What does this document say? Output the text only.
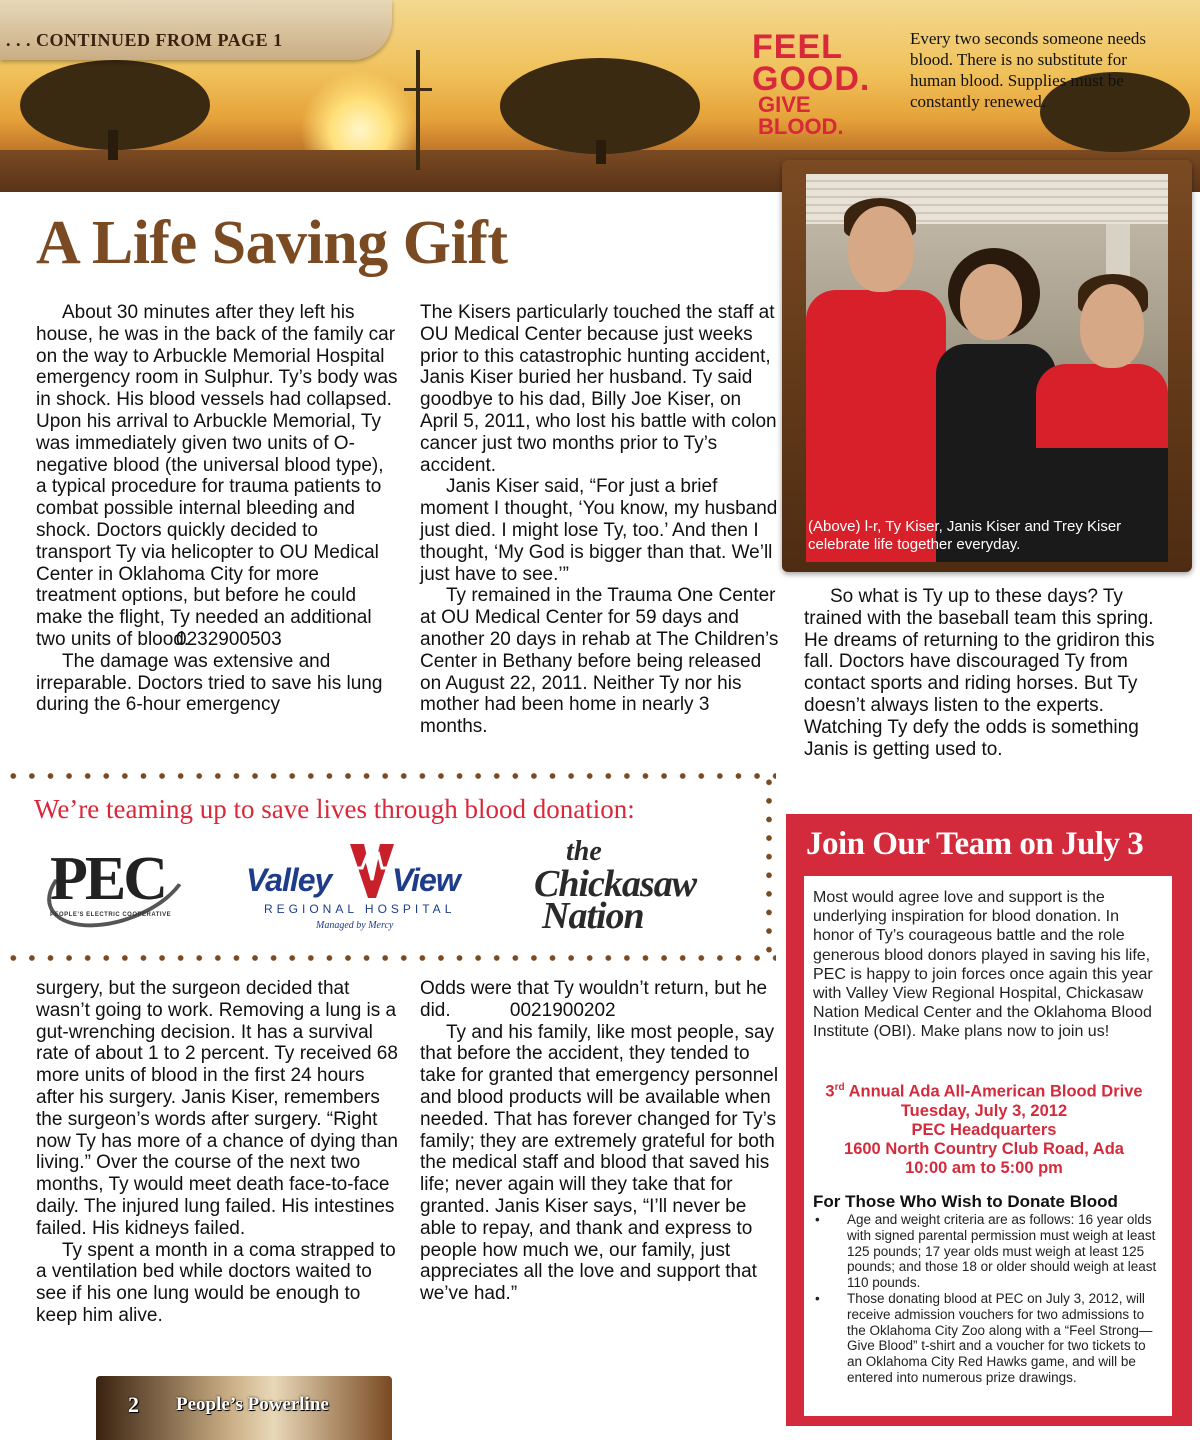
. . . CONTINUED FROM PAGE 1	FEEL
GOOD.
GIVE BLOOD.
Every two seconds someone needs blood. There is no substitute for human blood. Supplies must be constantly renewed.
A Life Saving Gift

About 30 minutes after they left his house, he was in the back of the family car on the way to Arbuckle Memorial Hospital emergency room in Sulphur. Ty’s body was in shock. His blood vessels had collapsed. Upon his arrival to Arbuckle Memorial, Ty was immediately given two units of O-negative blood (the universal blood type), a typical procedure for trauma patients to combat possible internal bleeding and shock. Doctors quickly decided to transport Ty via helicopter to OU Medical Center in Oklahoma City for more treatment options, but before he could make the flight, Ty needed an additional two units of blood.

0232900503

The damage was extensive and irreparable. Doctors tried to save his lung during the 6-hour emergency

The Kisers particularly touched the staff at OU Medical Center because just weeks prior to this catastrophic hunting accident, Janis Kiser buried her husband. Ty said goodbye to his dad, Billy Joe Kiser, on April 5, 2011, who lost his battle with colon cancer just two months prior to Ty’s accident.

Janis Kiser said, “For just a brief moment I thought, ‘You know, my husband just died. I might lose Ty, too.’ And then I thought, ‘My God is bigger than that. We’ll just have to see.’”

Ty remained in the Trauma One Center at OU Medical Center for 59 days and another 20 days in rehab at The Children’s Center in Bethany before being released on August 22, 2011. Neither Ty nor his mother had been home in nearly 3 months.

(Above) l-r, Ty Kiser, Janis Kiser and Trey Kiser celebrate life together everyday.

So what is Ty up to these days? Ty trained with the baseball team this spring. He dreams of returning to the gridiron this fall. Doctors have discouraged Ty from contact sports and riding horses. But Ty doesn’t always listen to the experts. Watching Ty defy the odds is something Janis is getting used to.

We’re teaming up to save lives through blood donation:
PEC
PEOPLE’S ELECTRIC COOPERATIVE
Valley View
REGIONAL HOSPITAL
Managed by Mercy
the
Chickasaw
Nation

surgery, but the surgeon decided that wasn’t going to work. Removing a lung is a gut-wrenching decision. It has a survival rate of about 1 to 2 percent. Ty received 68 more units of blood in the first 24 hours after his surgery. Janis Kiser, remembers the surgeon’s words after surgery. “Right now Ty has more of a chance of dying than living.” Over the course of the next two months, Ty would meet death face-to-face daily. The injured lung failed. His intestines failed. His kidneys failed.

Ty spent a month in a coma strapped to a ventilation bed while doctors waited to see if his one lung would be enough to keep him alive.

Odds were that Ty wouldn’t return, but he did.	0021900202

Ty and his family, like most people, say that before the accident, they tended to take for granted that emergency personnel and blood products will be available when needed. That has forever changed for Ty’s family; they are extremely grateful for both the medical staff and blood that saved his life; never again will they take that for granted. Janis Kiser says, “I’ll never be able to repay, and thank and express to people how much we, our family, just appreciates all the love and support that we’ve had.”

Join Our Team on July 3
Most would agree love and support is the underlying inspiration for blood donation. In honor of Ty’s courageous battle and the role generous blood donors played in saving his life, PEC is happy to join forces once again this year with Valley View Regional Hospital, Chickasaw Nation Medical Center and the Oklahoma Blood Institute (OBI). Make plans now to join us!
3rd Annual Ada All-American Blood Drive
Tuesday, July 3, 2012
PEC Headquarters
1600 North Country Club Road, Ada
10:00 am to 5:00 pm
For Those Who Wish to Donate Blood
• Age and weight criteria are as follows: 16 year olds with signed parental permission must weigh at least 125 pounds; 17 year olds must weigh at least 125 pounds; and those 18 or older should weigh at least 110 pounds.
• Those donating blood at PEC on July 3, 2012, will receive admission vouchers for two admissions to the Oklahoma City Zoo along with a “Feel Strong—Give Blood” t-shirt and a voucher for two tickets to an Oklahoma City Red Hawks game, and will be entered into numerous prize drawings.
2 People’s Powerline
